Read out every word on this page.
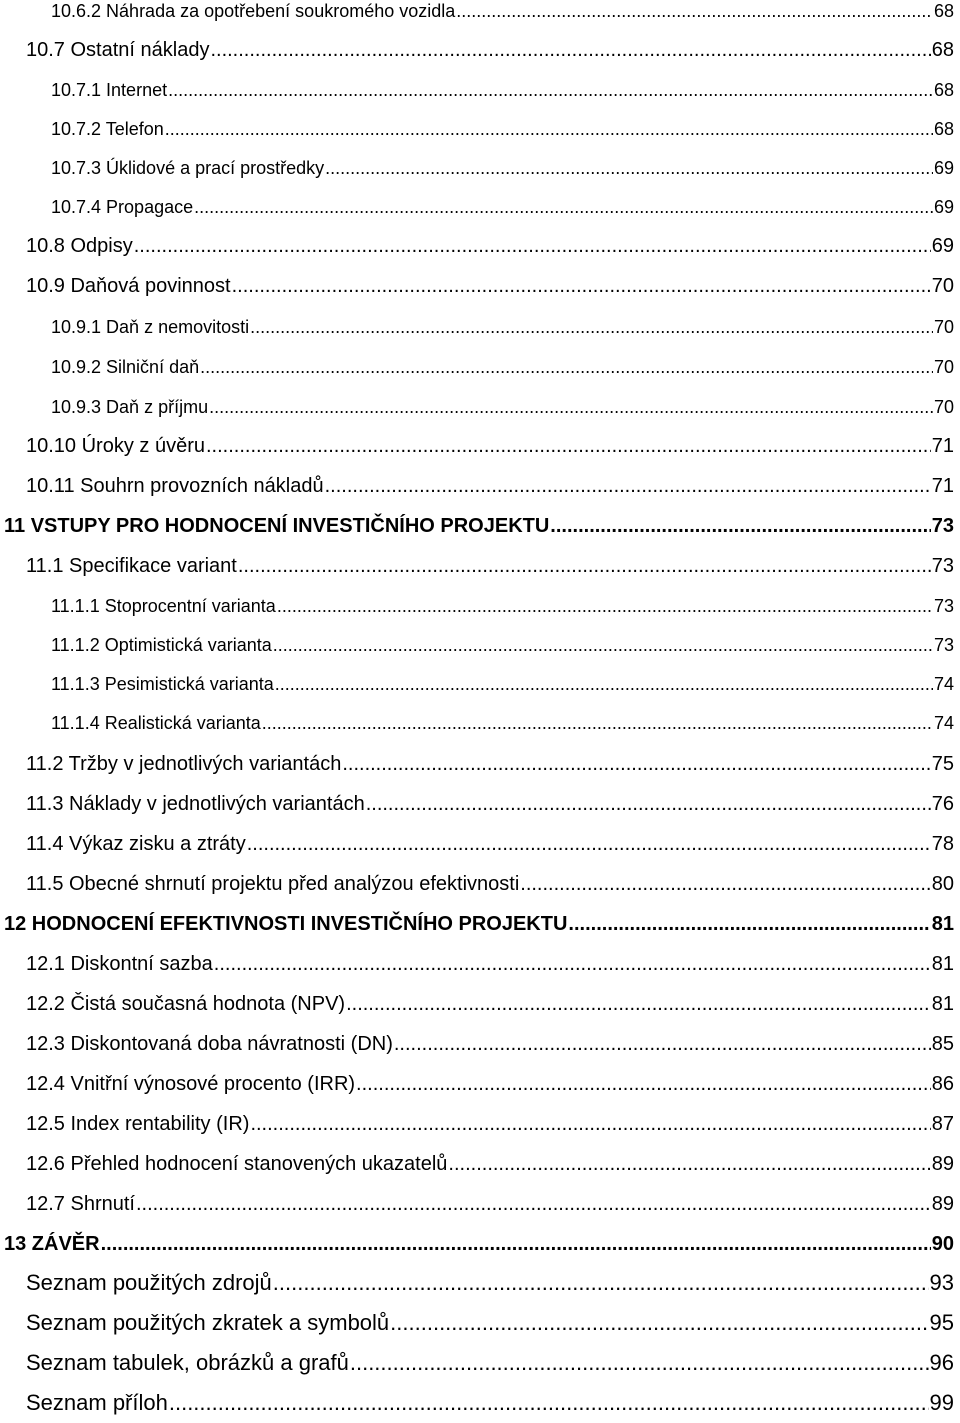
10.6.2 Náhrada za opotřebení soukromého vozidla .....	68
10.7 Ostatní náklady .....	68
10.7.1 Internet .....	68
10.7.2 Telefon .....	68
10.7.3 Úklidové a prací prostředky .....	69
10.7.4 Propagace .....	69
10.8 Odpisy .....	69
10.9 Daňová povinnost .....	70
10.9.1 Daň z nemovitosti .....	70
10.9.2 Silniční daň .....	70
10.9.3 Daň z příjmu .....	70
10.10 Úroky z úvěru .....	71
10.11 Souhrn provozních nákladů .....	71
11 VSTUPY PRO HODNOCENÍ INVESTIČNÍHO PROJEKTU .....	73
11.1 Specifikace variant .....	73
11.1.1 Stoprocentní varianta .....	73
11.1.2 Optimistická varianta .....	73
11.1.3 Pesimistická varianta .....	74
11.1.4 Realistická varianta .....	74
11.2 Tržby v jednotlivých variantách .....	75
11.3 Náklady v jednotlivých variantách .....	76
11.4 Výkaz zisku a ztráty .....	78
11.5 Obecné shrnutí projektu před analýzou efektivnosti .....	80
12 HODNOCENÍ EFEKTIVNOSTI INVESTIČNÍHO PROJEKTU .....	81
12.1 Diskontní sazba .....	81
12.2 Čistá současná hodnota (NPV) .....	81
12.3 Diskontovaná doba návratnosti (DN) .....	85
12.4 Vnitřní výnosové procento (IRR) .....	86
12.5 Index rentability (IR) .....	87
12.6 Přehled hodnocení stanovených ukazatelů .....	89
12.7 Shrnutí .....	89
13 ZÁVĚR .....	90
Seznam použitých zdrojů .....	93
Seznam použitých zkratek a symbolů .....	95
Seznam tabulek, obrázků a grafů .....	96
Seznam příloh .....	99
